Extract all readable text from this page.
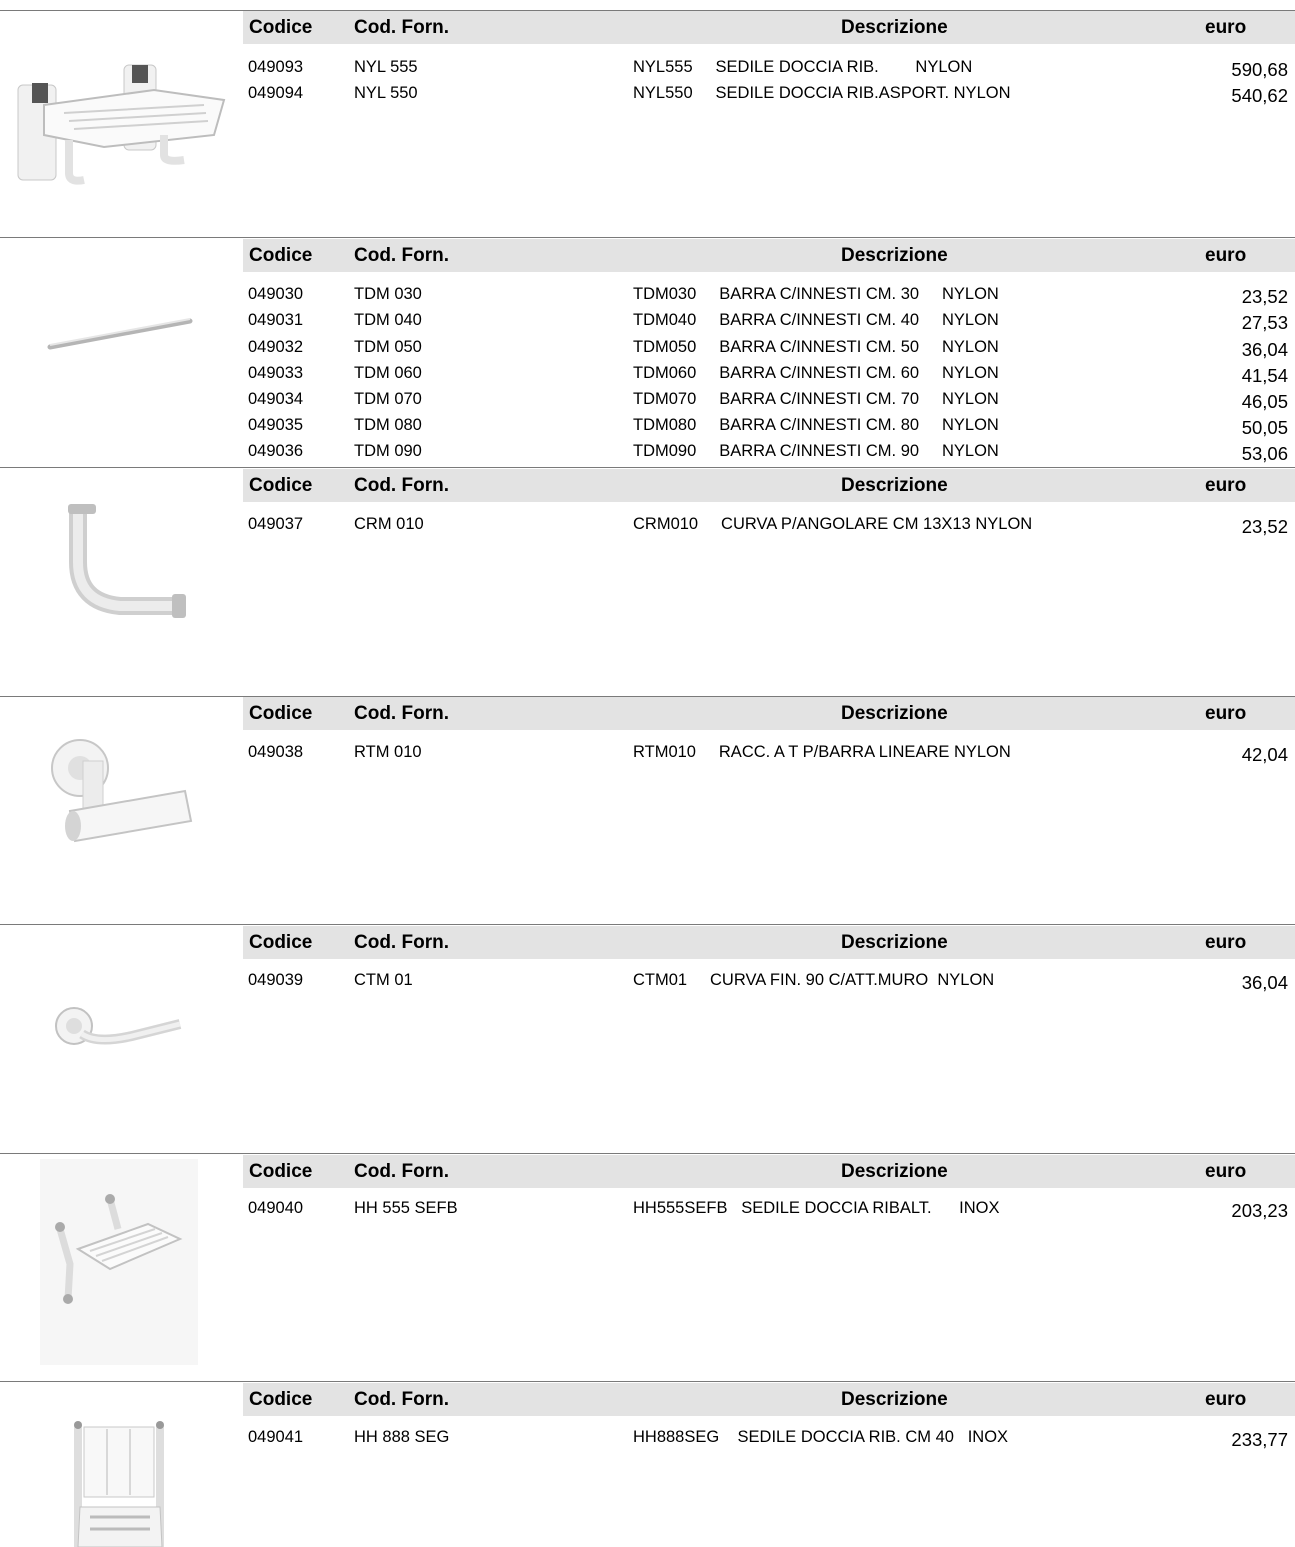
Codice Cod. Forn.	Descrizione	euro
049093	NYL 555	NYL555     SEDILE DOCCIA RIB.        NYLON	590,68
049094	NYL 550	NYL550     SEDILE DOCCIA RIB.ASPORT. NYLON	540,62
Codice Cod. Forn.	Descrizione	euro
049030	TDM 030	TDM030     BARRA C/INNESTI CM. 30     NYLON	23,52
049031	TDM 040	TDM040     BARRA C/INNESTI CM. 40     NYLON	27,53
049032	TDM 050	TDM050     BARRA C/INNESTI CM. 50     NYLON	36,04
049033	TDM 060	TDM060     BARRA C/INNESTI CM. 60     NYLON	41,54
049034	TDM 070	TDM070     BARRA C/INNESTI CM. 70     NYLON	46,05
049035	TDM 080	TDM080     BARRA C/INNESTI CM. 80     NYLON	50,05
049036	TDM 090	TDM090     BARRA C/INNESTI CM. 90     NYLON	53,06
Codice Cod. Forn.	Descrizione	euro
049037	CRM 010	CRM010     CURVA P/ANGOLARE CM 13X13 NYLON	23,52
Codice Cod. Forn.	Descrizione	euro
049038	RTM 010	RTM010     RACC. A T P/BARRA LINEARE NYLON	42,04
Codice Cod. Forn.	Descrizione	euro
049039	CTM 01	CTM01     CURVA FIN. 90 C/ATT.MURO  NYLON	36,04
Codice Cod. Forn.	Descrizione	euro
049040	HH 555 SEFB	HH555SEFB   SEDILE DOCCIA RIBALT.      INOX	203,23
Codice Cod. Forn.	Descrizione	euro
049041	HH 888 SEG	HH888SEG    SEDILE DOCCIA RIB. CM 40   INOX	233,77
